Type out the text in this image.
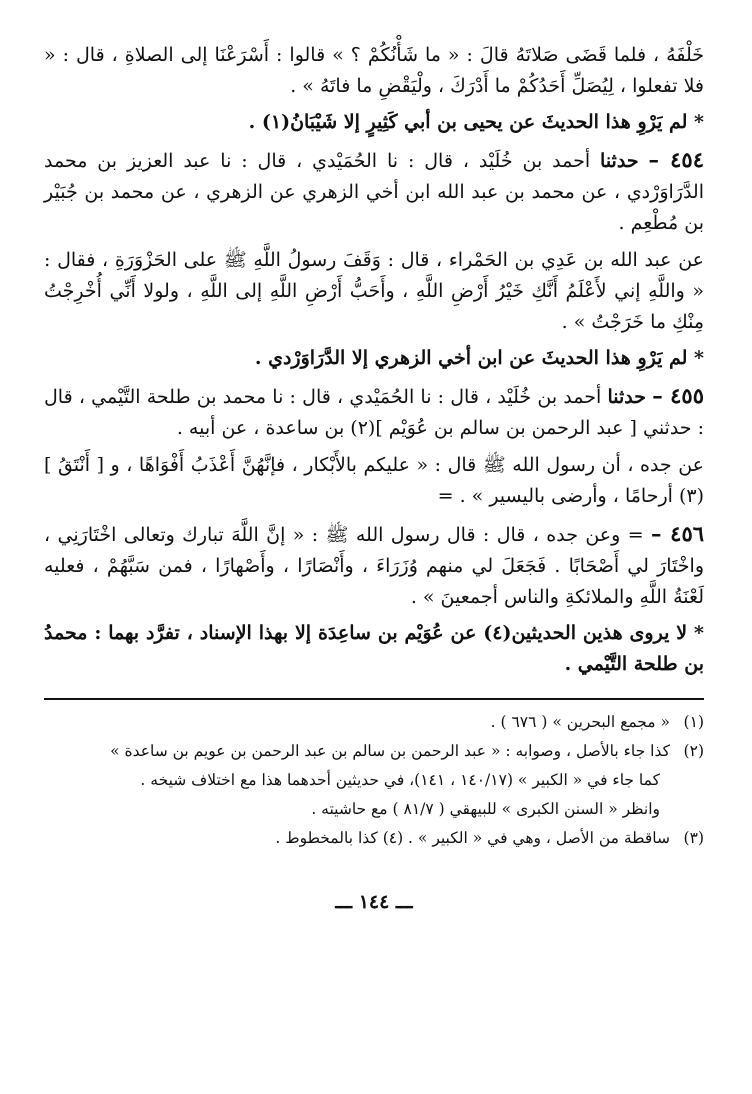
خَلْفَهُ ، فلما قَضَى صَلاتَهُ قالَ : « ما شَأْنُكُمْ ؟ » قالوا : أَسْرَعْنَا إلى الصلاةِ ، قال : « فلا تفعلوا ، لِيُصَلِّ أَحَدُكُمْ ما أَدْرَكَ ، ولْيَقْضِ ما فاتَهُ » .

* لم يَرْوِ هذا الحديثَ عن يحيى بن أبي كَثِيرٍ إلا شَيْبَانُ(١) .

٤٥٤ – حدثنا أحمد بن خُلَيْد ، قال : نا الحُمَيْدي ، قال : نا عبد العزيز بن محمد الدَّرَاوَرْدي ، عن محمد بن عبد الله ابن أخي الزهري عن الزهري ، عن محمد بن جُبَيْر بن مُطْعِم .

عن عبد الله بن عَدِي بن الحَمْراء ، قال : وَقَفَ رسولُ اللَّهِ ﷺ على الحَزْوَرَةِ ، فقال : « واللَّهِ إني لأَعْلَمُ أَنَّكِ خَيْرُ أَرْضِ اللَّهِ ، وأَحَبُّ أَرْضِ اللَّهِ إلى اللَّهِ ، ولولا أَنِّي أُخْرِجْتُ مِنْكِ ما خَرَجْتُ » .

* لم يَرْوِ هذا الحديثَ عن ابن أخي الزهري إلا الدَّرَاوَرْدي .

٤٥٥ – حدثنا أحمد بن خُلَيْد ، قال : نا الحُمَيْدي ، قال : نا محمد بن طلحة التَّيْمي ، قال : حدثني [ عبد الرحمن بن سالم بن عُوَيْم ](٢) بن ساعدة ، عن أبيه .

عن جده ، أن رسول الله ﷺ قال : « عليكم بالأَبْكار ، فإنَّهُنَّ أَعْذَبُ أَفْوَاهًا ، و [ أَنْتَقُ ](٣) أرحامًا ، وأرضى باليسير » . =

٤٥٦ – = وعن جده ، قال : قال رسول الله ﷺ : « إنَّ اللَّهَ تبارك وتعالى اخْتَارَنِي ، واخْتَارَ لي أَصْحَابًا . فَجَعَلَ لي منهم وُزَرَاءَ ، وأَنْصَارًا ، وأَصْهارًا ، فمن سَبَّهُمْ ، فعليه لَعْنَةُ اللَّهِ والملائكةِ والناس أجمعينَ » .

* لا يروى هذين الحديثين(٤) عن عُوَيْم بن ساعِدَة إلا بهذا الإسناد ، تفرَّد بهما : محمدُ بن طلحة التَّيْمي .

(١)« مجمع البحرين » ( ٦٧٦ ) .

(٢)كذا جاء بالأصل ، وصوابه : « عبد الرحمن بن سالم بن عبد الرحمن بن عويم بن ساعدة »

كما جاء في « الكبير » (١٤٠/١٧ ، ١٤١)، في حديثين أحدهما هذا مع اختلاف شيخه .

وانظر « السنن الكبرى » للبيهقي ( ٨١/٧ ) مع حاشيته .

(٣)ساقطة من الأصل ، وهي في « الكبير » . (٤) كذا بالمخطوط .

ـــ ١٤٤ ـــ
